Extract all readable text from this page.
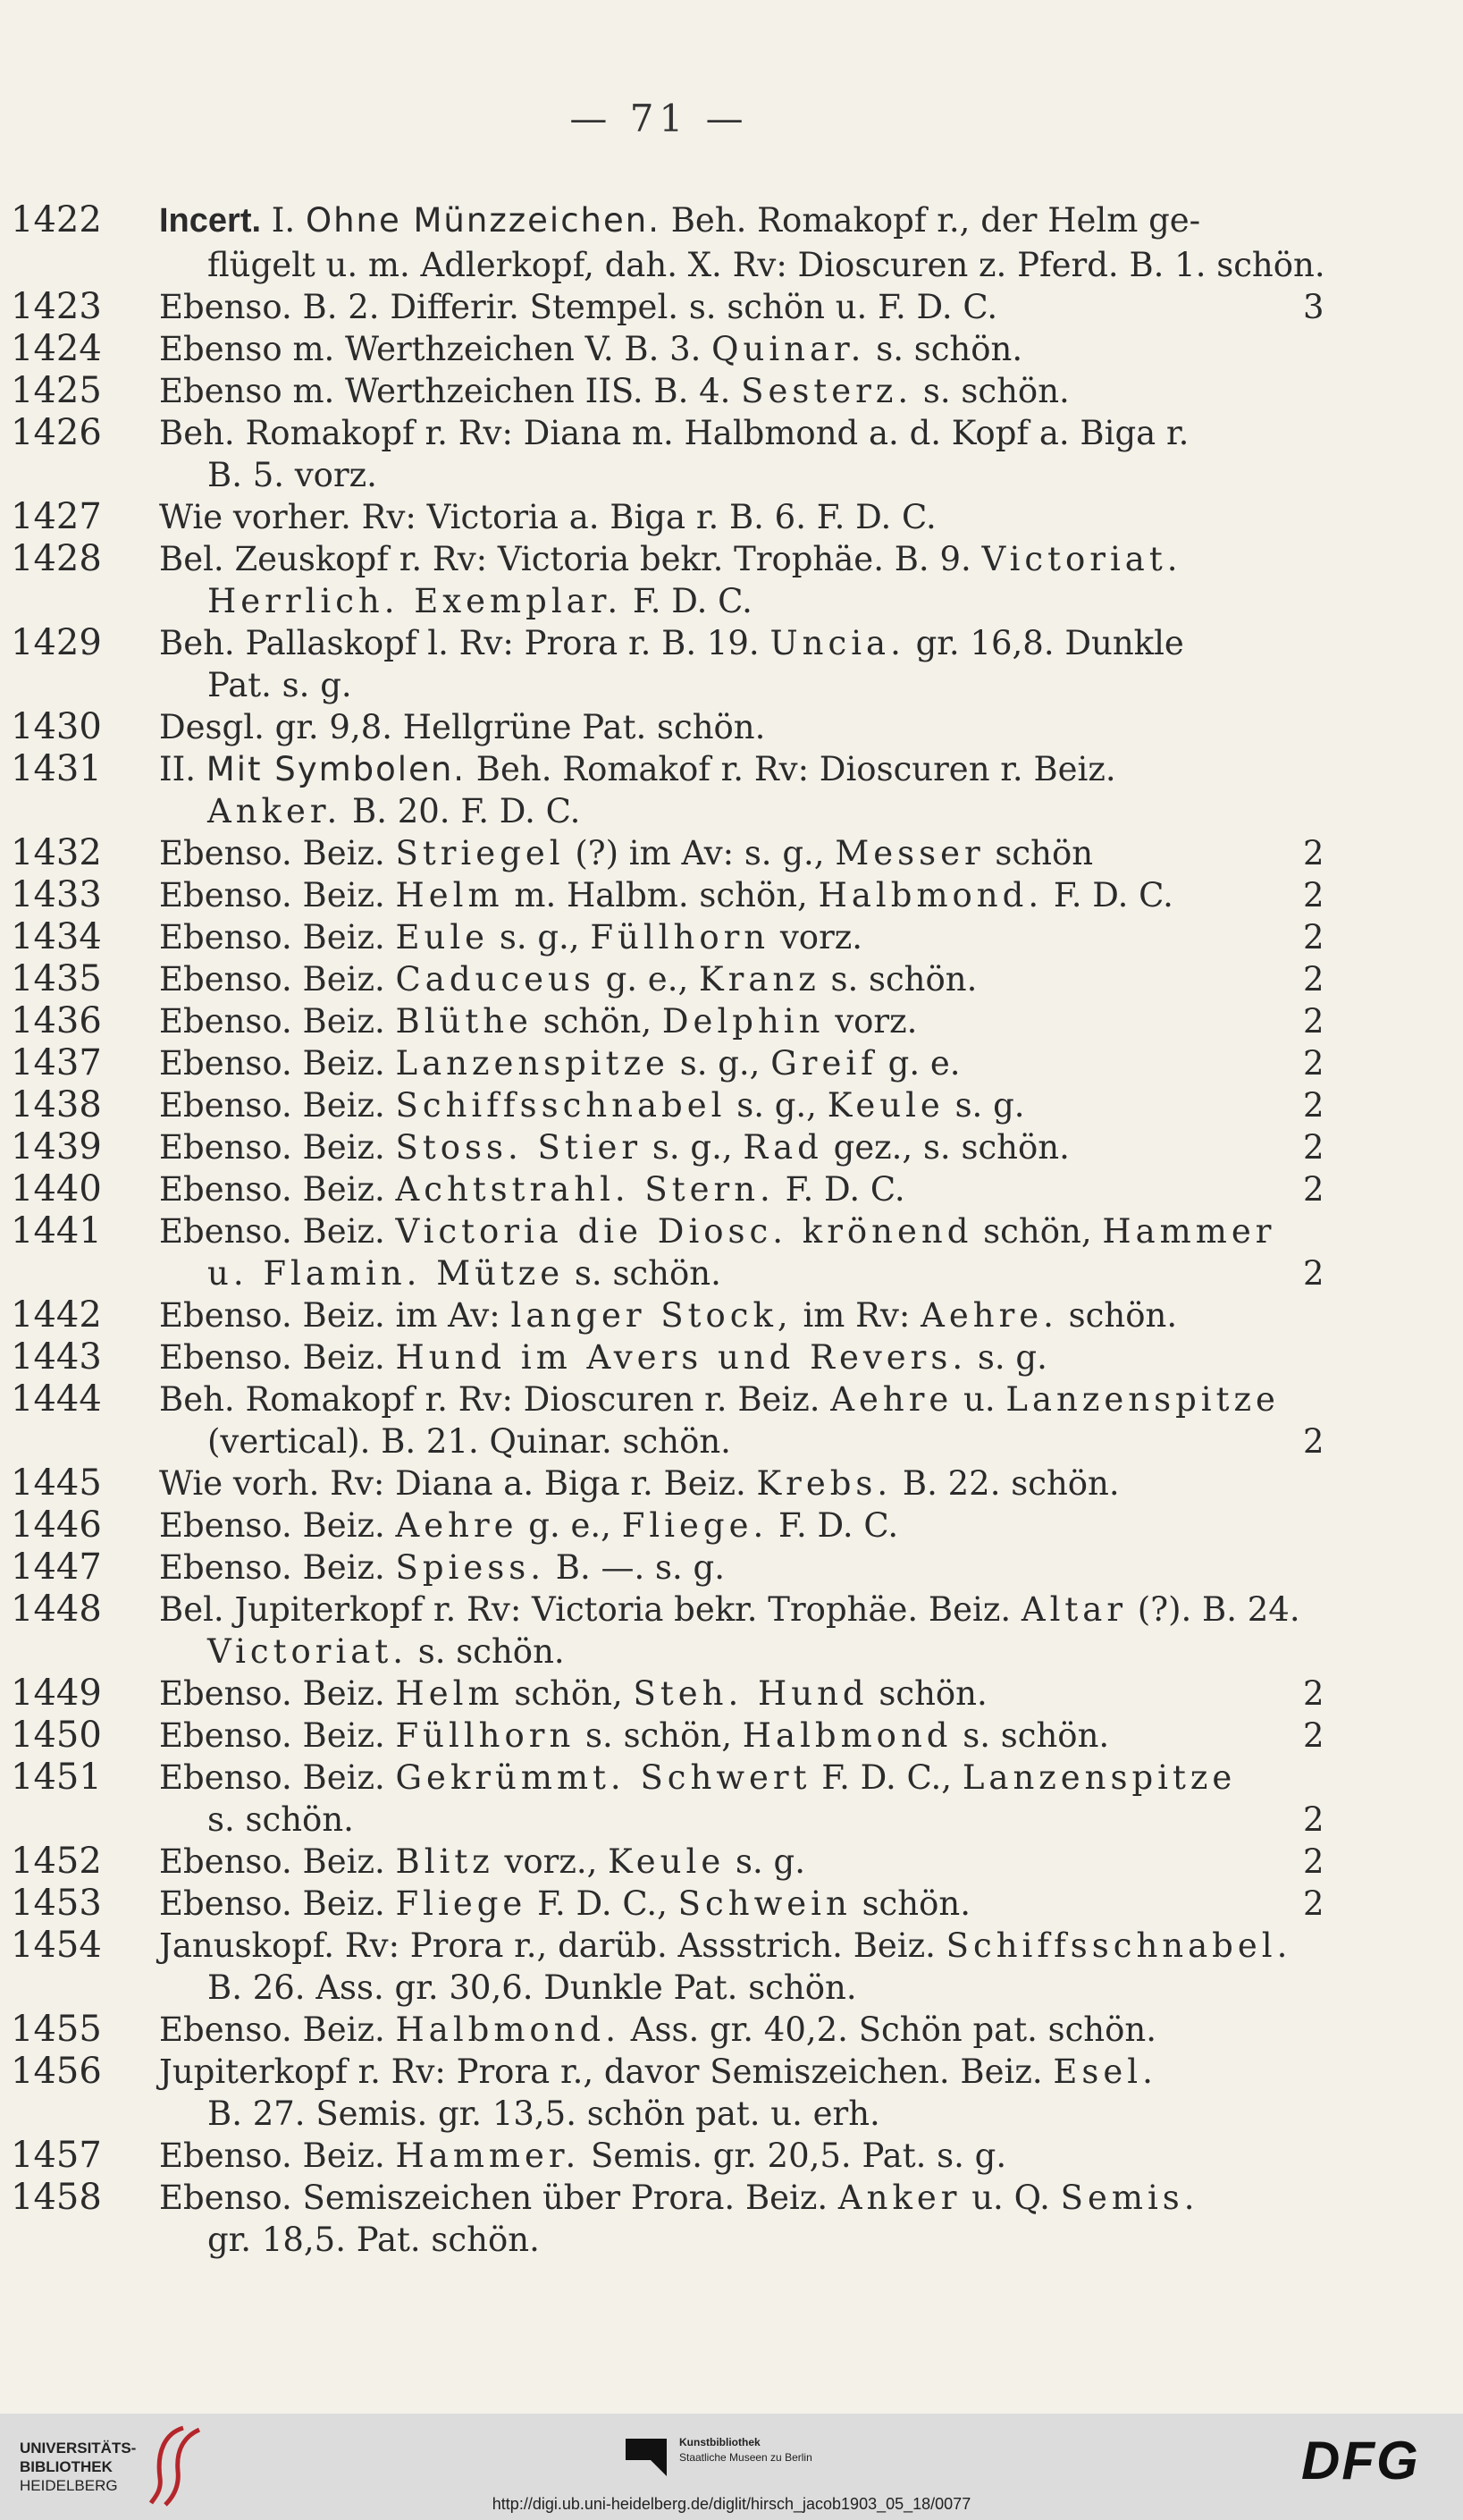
— 71 —
1422 Incert. I. Ohne Münzzeichen. Beh. Romakopf r., der Helm ge-
flügelt u. m. Adlerkopf, dah. X. Rv: Dioscuren z. Pferd. B. 1. schön.
1423 Ebenso. B. 2. Differir. Stempel. s. schön u. F. D. C.	3
1424 Ebenso m. Werthzeichen V. B. 3. Quinar. s. schön.
1425 Ebenso m. Werthzeichen IIS. B. 4. Sesterz. s. schön.
1426 Beh. Romakopf r. Rv: Diana m. Halbmond a. d. Kopf a. Biga r.
B. 5. vorz.
1427 Wie vorher. Rv: Victoria a. Biga r. B. 6. F. D. C.
1428 Bel. Zeuskopf r. Rv: Victoria bekr. Trophäe. B. 9. Victoriat.
Herrlich. Exemplar. F. D. C.
1429 Beh. Pallaskopf l. Rv: Prora r. B. 19. Uncia. gr. 16,8. Dunkle
Pat. s. g.
1430 Desgl. gr. 9,8. Hellgrüne Pat. schön.
1431 II. Mit Symbolen. Beh. Romakof r. Rv: Dioscuren r. Beiz.
Anker. B. 20. F. D. C.
1432 Ebenso. Beiz. Striegel (?) im Av: s. g., Messer schön	2
1433 Ebenso. Beiz. Helm m. Halbm. schön, Halbmond. F. D. C.	2
1434 Ebenso. Beiz. Eule s. g., Füllhorn vorz.	2
1435 Ebenso. Beiz. Caduceus g. e., Kranz s. schön.	2
1436 Ebenso. Beiz. Blüthe schön, Delphin vorz.	2
1437 Ebenso. Beiz. Lanzenspitze s. g., Greif g. e.	2
1438 Ebenso. Beiz. Schiffsschnabel s. g., Keule s. g.	2
1439 Ebenso. Beiz. Stoss. Stier s. g., Rad gez., s. schön.	2
1440 Ebenso. Beiz. Achtstrahl. Stern. F. D. C.	2
1441 Ebenso. Beiz. Victoria die Diosc. krönend schön, Hammer
u. Flamin. Mütze s. schön.	2
1442 Ebenso. Beiz. im Av: langer Stock, im Rv: Aehre. schön.
1443 Ebenso. Beiz. Hund im Avers und Revers. s. g.
1444 Beh. Romakopf r. Rv: Dioscuren r. Beiz. Aehre u. Lanzenspitze
(vertical). B. 21. Quinar. schön.	2
1445 Wie vorh. Rv: Diana a. Biga r. Beiz. Krebs. B. 22. schön.
1446 Ebenso. Beiz. Aehre g. e., Fliege. F. D. C.
1447 Ebenso. Beiz. Spiess. B. —. s. g.
1448 Bel. Jupiterkopf r. Rv: Victoria bekr. Trophäe. Beiz. Altar (?). B. 24.
Victoriat. s. schön.
1449 Ebenso. Beiz. Helm schön, Steh. Hund schön.	2
1450 Ebenso. Beiz. Füllhorn s. schön, Halbmond s. schön.	2
1451 Ebenso. Beiz. Gekrümmt. Schwert F. D. C., Lanzenspitze
s. schön.	2
1452 Ebenso. Beiz. Blitz vorz., Keule s. g.	2
1453 Ebenso. Beiz. Fliege F. D. C., Schwein schön.	2
1454 Januskopf. Rv: Prora r., darüb. Assstrich. Beiz. Schiffsschnabel.
B. 26. Ass. gr. 30,6. Dunkle Pat. schön.
1455 Ebenso. Beiz. Halbmond. Ass. gr. 40,2. Schön pat. schön.
1456 Jupiterkopf r. Rv: Prora r., davor Semiszeichen. Beiz. Esel.
B. 27. Semis. gr. 13,5. schön pat. u. erh.
1457 Ebenso. Beiz. Hammer. Semis. gr. 20,5. Pat. s. g.
1458 Ebenso. Semiszeichen über Prora. Beiz. Anker u. Q. Semis.
gr. 18,5. Pat. schön.
UNIVERSITÄTS-
BIBLIOTHEK
HEIDELBERG
Kunstbibliothek
Staatliche Museen zu Berlin	DFG
http://digi.ub.uni-heidelberg.de/diglit/hirsch_jacob1903_05_18/0077
